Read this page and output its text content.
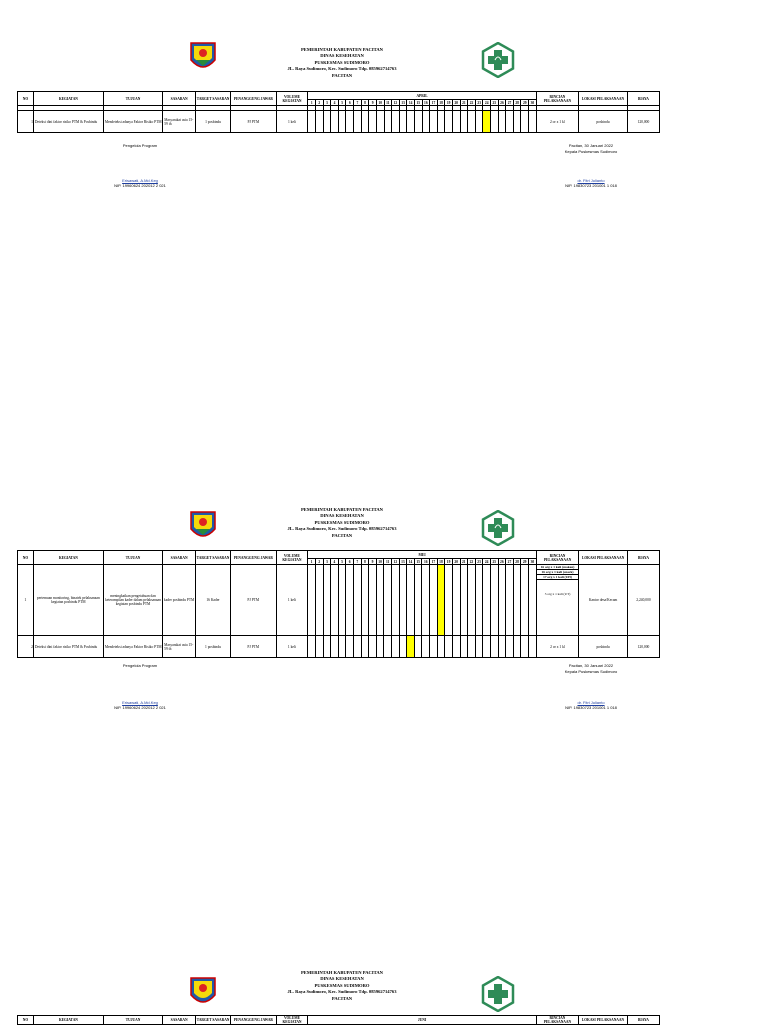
PEMERINTAH KABUPATEN PACITAN
DINAS KESEHATAN
PUSKESMAS SUDIMORO
JL. Raya Sudimoro, Kec. Sudimoro Tdp. 085962714763
PACITAN
NO	KEGIATAN	TUJUAN	SASARAN	TARGET SASARAN	PENANGGUNG JAWAB	VOLUME KEGIATAN	APRIL																														RINCIAN PELAKSANAAN	LOKASI PELAKSANAAN	BIAYA
							1	2	3	4	5	6	7	8	9	10	11	12	13	14	15	16	17	18	19	20	21	22	23	24	25	26	27	28	29	30			

1	Deteksi dini faktor risiko PTM & Posbindu	Mendeteksi adanya Faktor Risiko PTM	Masyarakat usia 15-59 th	1 posbindu	PJ PTM	1 keli																															2 or x 1 kl	posbindu	120,000
Pengelola Program	Pacitan, 30 Januari 2022
Kepala Puskesmas Sudimoro
Erisawati, A.Md.Keg
NIP. 19960624 202012 2 021
dr. Fitri Julianto
NIP. 19830723 201001 1 018
PEMERINTAH KABUPATEN PACITAN
DINAS KESEHATAN
PUSKESMAS SUDIMORO
JL. Raya Sudimoro, Kec. Sudimoro Tdp. 085962714763
PACITAN
NO	KEGIATAN	TUJUAN	SASARAN	TARGET SASARAN	PENANGGUNG JAWAB	VOLUME KEGIATAN	MEI																														RINCIAN PELAKSANAAN	LOKASI PELAKSANAAN	BIAYA
							1	2	3	4	5	6	7	8	9	10	11	12	13	14	15	16	17	18	19	20	21	22	23	24	25	26	27	28	29	30			
1	pertemuan monitoring, binatek pelaksanaan kegiatan posbindu PTM	meningkatkan pengetahuan dan keterampilan kader dalam pelaksanaan kegiatan posbindu PTM	kader posbindu PTM	16 Kader	PJ PTM	1 keli																															16 org x 1 kali (makan)
16 org x 1 kali (snack)
17 org x 1 kali (UH)
3 org x 1 kali (UT)	Kantor desa/Kecam	2,240,000
2	Deteksi dini faktor risiko PTM & Posbindu	Mendeteksi adanya Faktor Risiko PTM	Masyarakat usia 15-59 th	1 posbindu	PJ PTM	1 keli																															2 or x 1 kl	posbindu	120,000
Pengelola Program	Pacitan, 30 Januari 2022
Kepala Puskesmas Sudimoro
Erisawati, A.Md.Keg
NIP. 19960624 202012 2 021
dr. Fitri Julianto
NIP. 19830723 201001 1 018
PEMERINTAH KABUPATEN PACITAN
DINAS KESEHATAN
PUSKESMAS SUDIMORO
JL. Raya Sudimoro, Kec. Sudimoro Tdp. 085962714763
PACITAN
NO	KEGIATAN	TUJUAN	SASARAN	TARGET SASARAN	PENANGGUNG JAWAB	VOLUME KEGIATAN	JUNI	RINCIAN PELAKSANAAN	LOKASI PELAKSANAAN	BIAYA
